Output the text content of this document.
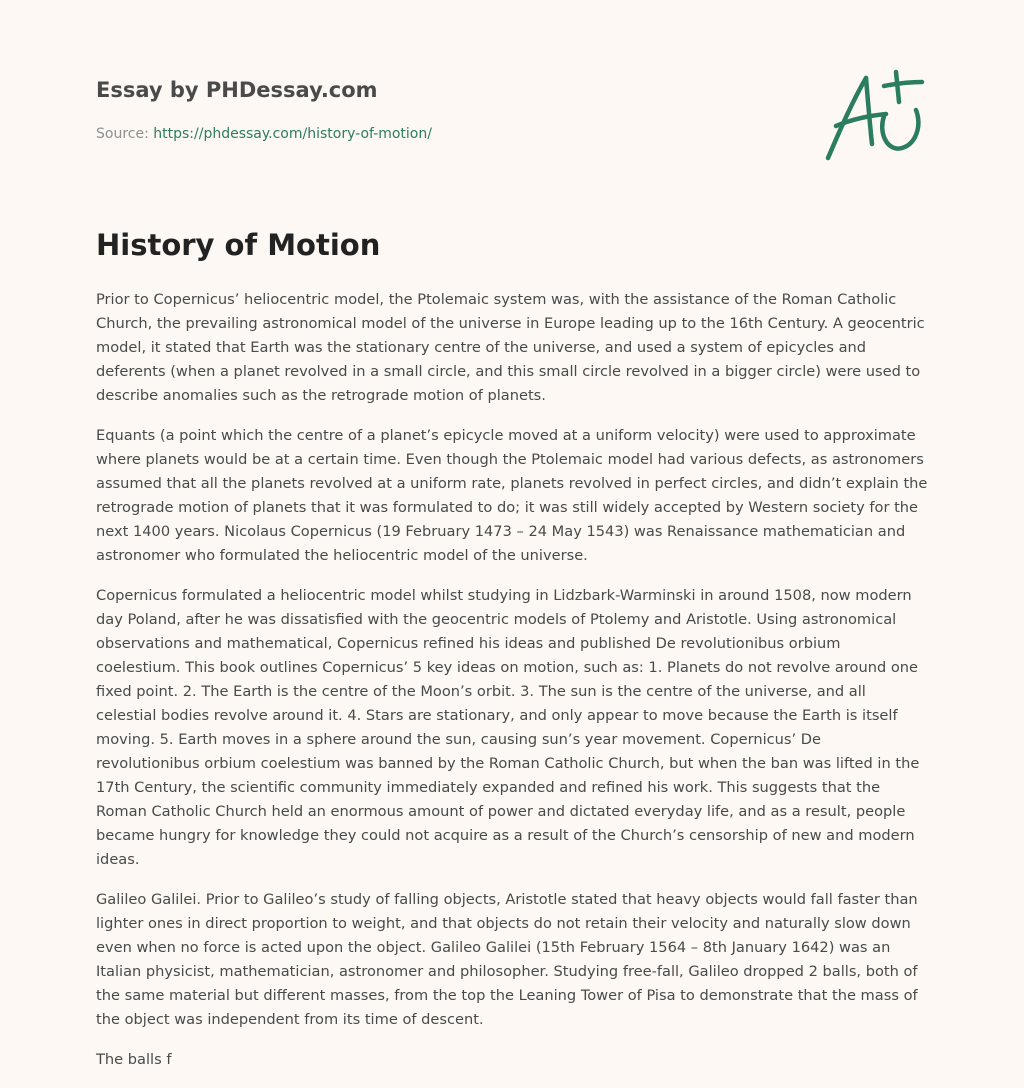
Essay by PHDessay.com
Source: https://phdessay.com/history-of-motion/
History of Motion

Prior to Copernicus’ heliocentric model, the Ptolemaic system was, with the assistance of the Roman Catholic Church, the prevailing astronomical model of the universe in Europe leading up to the 16th Century. A geocentric model, it stated that Earth was the stationary centre of the universe, and used a system of epicycles and deferents (when a planet revolved in a small circle, and this small circle revolved in a bigger circle) were used to describe anomalies such as the retrograde motion of planets.

Equants (a point which the centre of a planet’s epicycle moved at a uniform velocity) were used to approximate where planets would be at a certain time. Even though the Ptolemaic model had various defects, as astronomers assumed that all the planets revolved at a uniform rate, planets revolved in perfect circles, and didn’t explain the retrograde motion of planets that it was formulated to do; it was still widely accepted by Western society for the next 1400 years. Nicolaus Copernicus (19 February 1473 – 24 May 1543) was Renaissance mathematician and astronomer who formulated the heliocentric model of the universe.

Copernicus formulated a heliocentric model whilst studying in Lidzbark-Warminski in around 1508, now modern day Poland, after he was dissatisfied with the geocentric models of Ptolemy and Aristotle. Using astronomical observations and mathematical, Copernicus refined his ideas and published De revolutionibus orbium coelestium. This book outlines Copernicus’ 5 key ideas on motion, such as: 1. Planets do not revolve around one fixed point. 2. The Earth is the centre of the Moon’s orbit. 3. The sun is the centre of the universe, and all celestial bodies revolve around it. 4. Stars are stationary, and only appear to move because the Earth is itself moving. 5. Earth moves in a sphere around the sun, causing sun’s year movement. Copernicus’ De revolutionibus orbium coelestium was banned by the Roman Catholic Church, but when the ban was lifted in the 17th Century, the scientific community immediately expanded and refined his work. This suggests that the Roman Catholic Church held an enormous amount of power and dictated everyday life, and as a result, people became hungry for knowledge they could not acquire as a result of the Church’s censorship of new and modern ideas.

Galileo Galilei. Prior to Galileo’s study of falling objects, Aristotle stated that heavy objects would fall faster than lighter ones in direct proportion to weight, and that objects do not retain their velocity and naturally slow down even when no force is acted upon the object. Galileo Galilei (15th February 1564 – 8th January 1642) was an Italian physicist, mathematician, astronomer and philosopher. Studying free-fall, Galileo dropped 2 balls, both of the same material but different masses, from the top the Leaning Tower of Pisa to demonstrate that the mass of the object was independent from its time of descent.

The balls f
